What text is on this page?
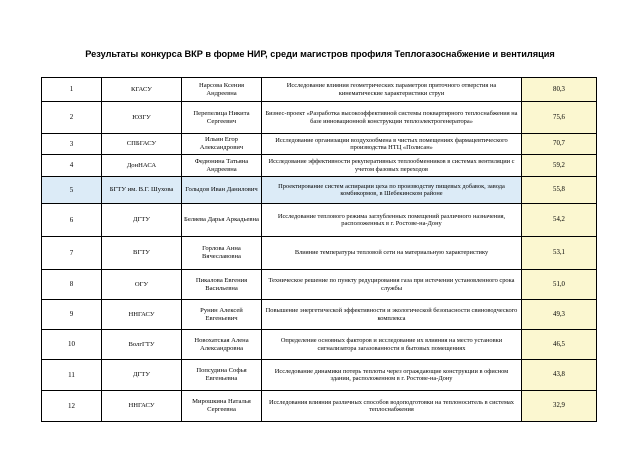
Результаты конкурса ВКР в форме НИР, среди магистров профиля Теплогазоснабжение и вентиляция
1	КГАСУ	Нарсова Ксения Андреевна	Исследование влияния геометрических параметров приточного отверстия на кинематические характеристики струи	80,3
2	ЮЗГУ	Перепелица Никита Сергеевич	Бизнес-проект «Разработка высокоэффективной системы поквартирного теплоснабжения на базе инновационной конструкции теплоэлектрогенератора»	75,6
3	СПБГАСУ	Ильин Егор Александрович	Исследование организации воздухообмена в чистых помещениях фармацевтического производства НТЦ «Полисан»	70,7
4	ДонНАСА	Федюнина Татьяна Андреевна	Исследование эффективности рекуперативных теплообменников в системах вентиляции с учетом фазовых переходов	59,2
5	БГТУ им. В.Г. Шухова	Голыдов Иван Данилович	Проектирование систем аспирации цеха по производству пищевых добавок, завода комбикормов, в Шебекинском районе	55,8
6	ДГТУ	Беляева Дарья Аркадьевна	Исследование теплового режима заглубленных помещений различного назначения, расположенных в г. Ростове-на-Дону	54,2
7	ВГТУ	Горлова Анна Вячеславовна	Влияние температуры тепловой сети на материальную характеристику	53,1
8	ОГУ	Пикалова Евгения Васильевна	Техническое решение по пункту редуцирования газа при истечении установленного срока службы	51,0
9	ННГАСУ	Рунин Алексей Евгеньевич	Повышение энергетической эффективности и экологической безопасности свиноводческого комплекса	49,3
10	ВолгГТУ	Новохатская Алена Александровна	Определение основных факторов и исследование их влияния на место установки сигнализатора загазованности в бытовых помещениях	46,5
11	ДГТУ	Попсудина Софья Евгеньевна	Исследование динамики потерь теплоты через ограждающие конструкции в офисном здании, расположенном в г. Ростове-на-Дону	43,8
12	ННГАСУ	Мирошкина Наталья Сергеевна	Исследования влияния различных способов водоподготовки на теплоноситель в системах теплоснабжения	32,9
